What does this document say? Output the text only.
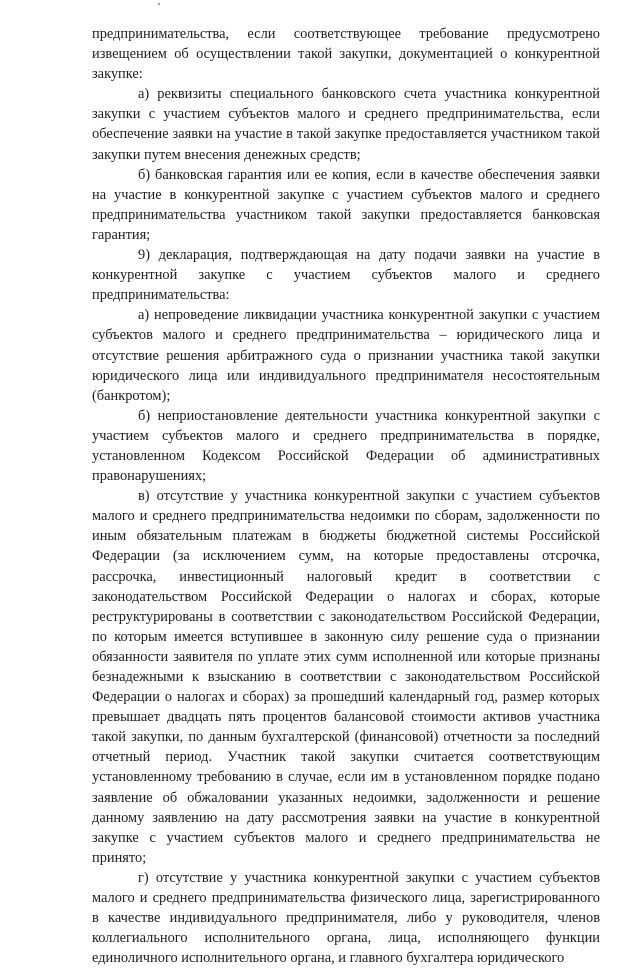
предпринимательства, если соответствующее требование предусмотрено извещением об осуществлении такой закупки, документацией о конкурентной закупке:

а) реквизиты специального банковского счета участника конкурентной закупки с участием субъектов малого и среднего предпринимательства, если обеспечение заявки на участие в такой закупке предоставляется участником такой закупки путем внесения денежных средств;

б) банковская гарантия или ее копия, если в качестве обеспечения заявки на участие в конкурентной закупке с участием субъектов малого и среднего предпринимательства участником такой закупки предоставляется банковская гарантия;

9) декларация, подтверждающая на дату подачи заявки на участие в конкурентной закупке с участием субъектов малого и среднего предпринимательства:

а) непроведение ликвидации участника конкурентной закупки с участием субъектов малого и среднего предпринимательства – юридического лица и отсутствие решения арбитражного суда о признании участника такой закупки юридического лица или индивидуального предпринимателя несостоятельным (банкротом);

б) неприостановление деятельности участника конкурентной закупки с участием субъектов малого и среднего предпринимательства в порядке, установленном Кодексом Российской Федерации об административных правонарушениях;

в) отсутствие у участника конкурентной закупки с участием субъектов малого и среднего предпринимательства недоимки по сборам, задолженности по иным обязательным платежам в бюджеты бюджетной системы Российской Федерации (за исключением сумм, на которые предоставлены отсрочка, рассрочка, инвестиционный налоговый кредит в соответствии с законодательством Российской Федерации о налогах и сборах, которые реструктурированы в соответствии с законодательством Российской Федерации, по которым имеется вступившее в законную силу решение суда о признании обязанности заявителя по уплате этих сумм исполненной или которые признаны безнадежными к взысканию в соответствии с законодательством Российской Федерации о налогах и сборах) за прошедший календарный год, размер которых превышает двадцать пять процентов балансовой стоимости активов участника такой закупки, по данным бухгалтерской (финансовой) отчетности за последний отчетный период. Участник такой закупки считается соответствующим установленному требованию в случае, если им в установленном порядке подано заявление об обжаловании указанных недоимки, задолженности и решение данному заявлению на дату рассмотрения заявки на участие в конкурентной закупке с участием субъектов малого и среднего предпринимательства не принято;

г) отсутствие у участника конкурентной закупки с участием субъектов малого и среднего предпринимательства физического лица, зарегистрированного в качестве индивидуального предпринимателя, либо у руководителя, членов коллегиального исполнительного органа, лица, исполняющего функции единоличного исполнительного органа, и главного бухгалтера юридического
